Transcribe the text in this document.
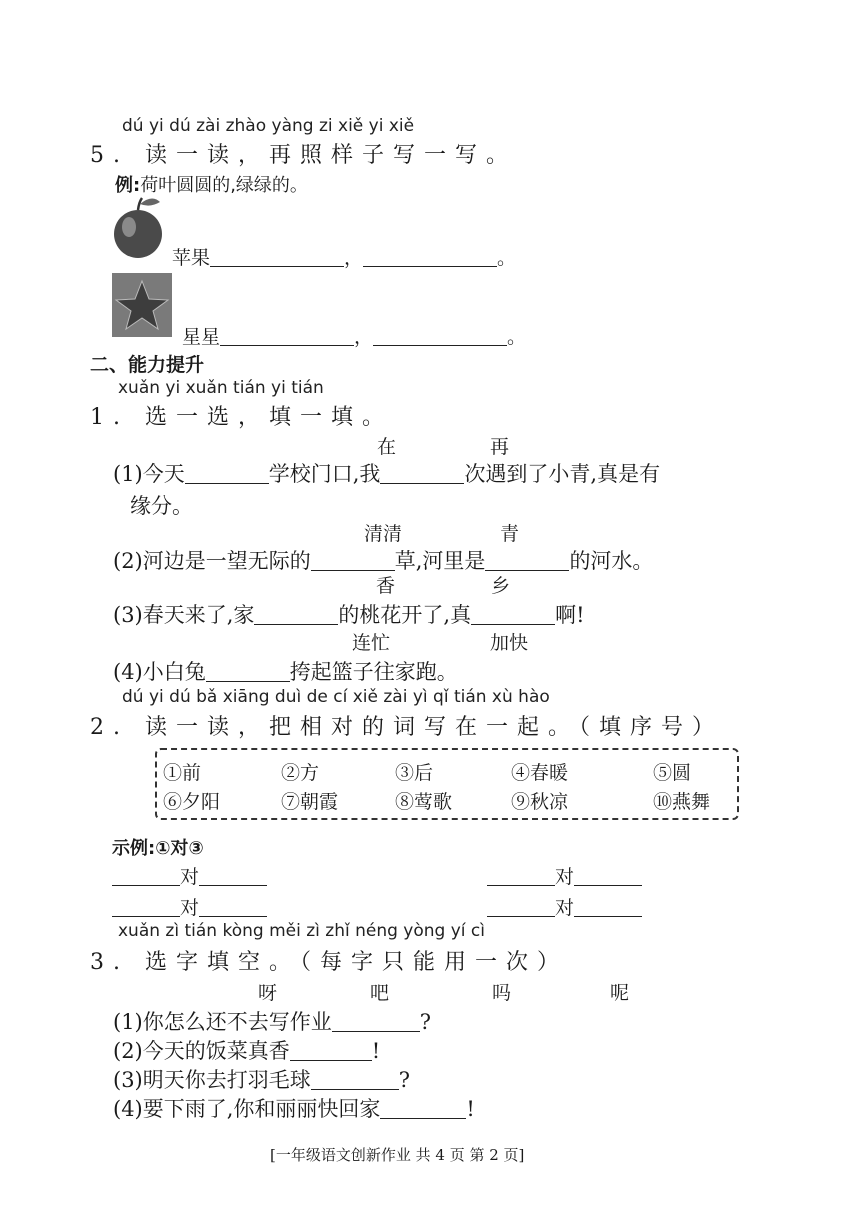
dú yi dú zài zhào yàng zi xiě yi xiě
5. 读一读，再照样子写一写。
例:荷叶圆圆的,绿绿的。
苹果	，	。
星星	，	。
二、能力提升
xuǎn yi xuǎn tián yi tián
1. 选一选，填一填。
在	再
(1)今天	学校门口,我	次遇到了小青,真是有
缘分。
清清	青
(2)河边是一望无际的	草,河里是	的河水。
香	乡
(3)春天来了,家	的桃花开了,真	啊!
连忙	加快
(4)小白兔	挎起篮子往家跑。
dú yi dú bǎ xiāng duì de cí xiě zài yì qǐ tián xù hào
2. 读一读，把相对的词写在一起。（填序号）
①前	②方	③后	④春暖	⑤圆
⑥夕阳	⑦朝霞	⑧莺歌	⑨秋凉	⑩燕舞
示例:①对③
对	对
对	对
xuǎn zì tián kòng měi zì zhǐ néng yòng yí cì
3. 选字填空。（每字只能用一次）
呀	吧	吗	呢
(1)你怎么还不去写作业	?
(2)今天的饭菜真香	!
(3)明天你去打羽毛球	?
(4)要下雨了,你和丽丽快回家	!
[一年级语文创新作业 共 4 页 第 2 页]
